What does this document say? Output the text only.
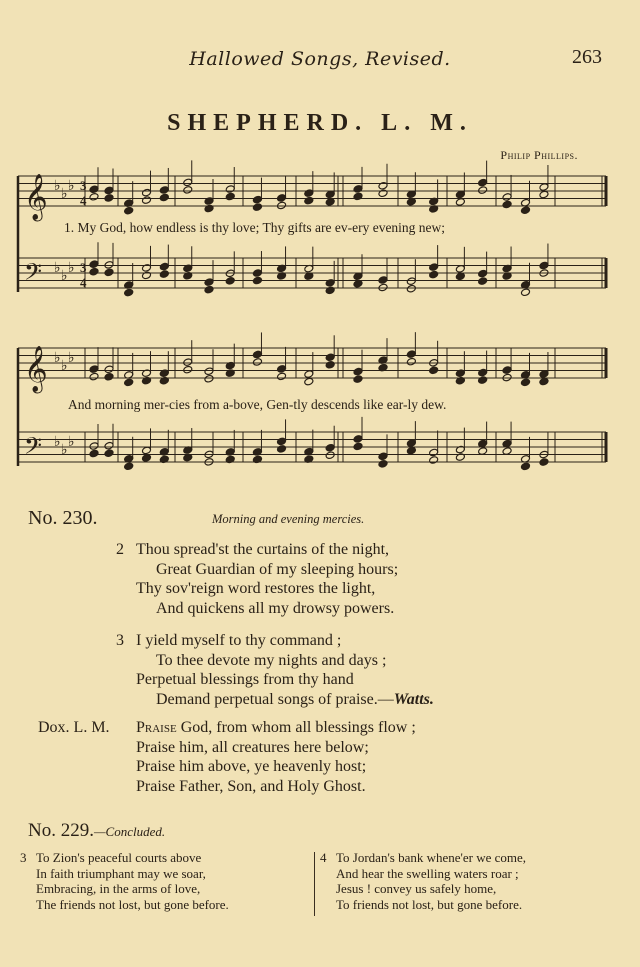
Hallowed Songs, Revised.	263
SHEPHERD. L. M.
Philip Phillips.
𝄞 ♭ ♭ ♭ 3
4
𝄢 ♭ ♭ ♭ 3
4
𝄞 ♭ ♭ ♭
𝄢 ♭ ♭ ♭
1. My God, how endless is thy love; Thy gifts are ev-ery evening new;
And morning mer-cies from a-bove, Gen-tly descends like ear-ly dew.
No. 230.	Morning and evening mercies.
2 Thou spread'st the curtains of the night,
Great Guardian of my sleeping hours;
Thy sov'reign word restores the light,
And quickens all my drowsy powers.
3 I yield myself to thy command ;
To thee devote my nights and days ;
Perpetual blessings from thy hand
Demand perpetual songs of praise.—Watts.
Dox. L. M. Praise God, from whom all blessings flow ;
Praise him, all creatures here below;
Praise him above, ye heavenly host;
Praise Father, Son, and Holy Ghost.
No. 229.—Concluded.
3 To Zion's peaceful courts above
In faith triumphant may we soar,
Embracing, in the arms of love,
The friends not lost, but gone before.
4 To Jordan's bank whene'er we come,
And hear the swelling waters roar ;
Jesus ! convey us safely home,
To friends not lost, but gone before.
